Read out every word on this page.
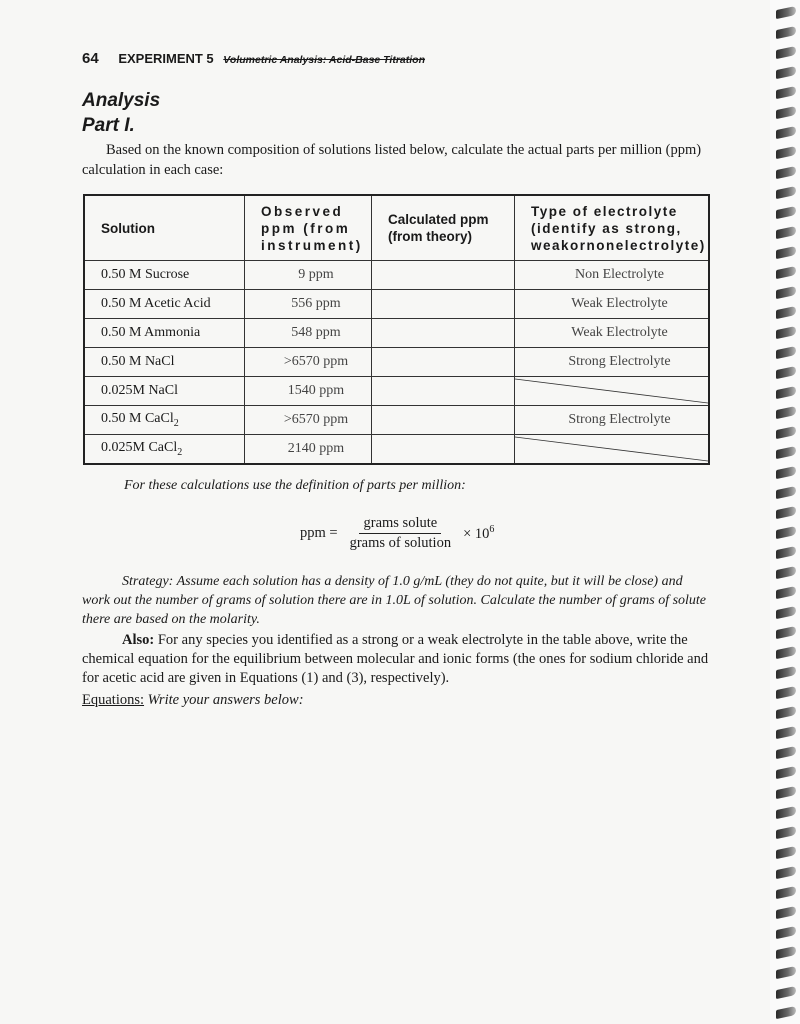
64 EXPERIMENT 5 Volumetric Analysis: Acid-Base Titration
Analysis
Part I.

Based on the known composition of solutions listed below, calculate the actual parts per million (ppm) calculation in each case:

Solution	Observed ppm (from instrument)	Calculated ppm (from theory)	Type of electrolyte (identify as strong, weakornonelectrolyte)
0.50 M Sucrose	9 ppm		Non Electrolyte
0.50 M Acetic Acid	556 ppm		Weak Electrolyte
0.50 M Ammonia	548 ppm		Weak Electrolyte
0.50 M NaCl	>6570 ppm		Strong Electrolyte
0.025M NaCl	1540 ppm		

0.50 M CaCl$_2$	>6570 ppm		Strong Electrolyte
0.025M CaCl$_2$	2140 ppm		
For these calculations use the definition of parts per million:
ppm = $\frac{\text{grams solute}}{\text{grams of solution}} \times 10^6$

Strategy: Assume each solution has a density of 1.0 g/mL (they do not quite, but it will be close) and work out the number of grams of solution there are in 1.0L of solution. Calculate the number of grams of solute there are based on the molarity.

Also: For any species you identified as a strong or a weak electrolyte in the table above, write the chemical equation for the equilibrium between molecular and ionic forms (the ones for sodium chloride and for acetic acid are given in Equations (1) and (3), respectively).

Equations: Write your answers below:
